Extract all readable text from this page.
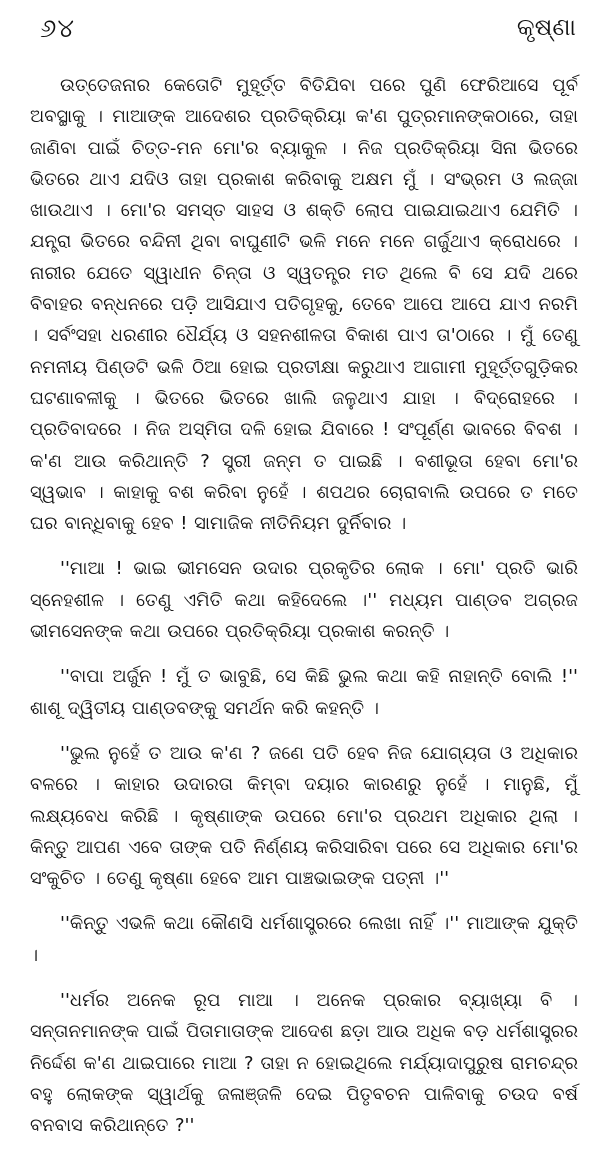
୬୪	କୃଷ୍ଣା

ଉତ୍ତେଜନାର କେତୋଟି ମୁହୂର୍ତ୍ତ ବିତିଯିବା ପରେ ପୁଣି ଫେରିଆସେ ପୂର୍ବ ଅବସ୍ଥାକୁ । ମାଆଙ୍କ ଆଦେଶର ପ୍ରତିକ୍ରିୟା କ'ଣ ପୁତ୍ରମାନଙ୍କଠାରେ, ତାହା ଜାଣିବା ପାଇଁ ଚିତ୍ତ-ମନ ମୋ'ର ବ୍ୟାକୁଳ । ନିଜ ପ୍ରତିକ୍ରିୟା ସିନା ଭିତରେ ଭିତରେ ଥାଏ ଯଦିଓ ତାହା ପ୍ରକାଶ କରିବାକୁ ଅକ୍ଷମ ମୁଁ । ସଂଭ୍ରମ ଓ ଲଜ୍ଜା ଖାଉଥାଏ । ମୋ'ର ସମସ୍ତ ସାହସ ଓ ଶକ୍ତି ଲୋପ ପାଇଯାଇଥାଏ ଯେମିତି । ଯନ୍ତ୍ରା ଭିତରେ ବନ୍ଦିନୀ ଥିବା ବାଘୁଣୀଟି ଭଳି ମନେ ମନେ ଗର୍ଜୁଥାଏ କ୍ରୋଧରେ । ନାରୀର ଯେତେ ସ୍ୱାଧୀନ ଚିନ୍ତା ଓ ସ୍ୱତନ୍ତ୍ର ମତ ଥିଲେ ବି ସେ ଯଦି ଥରେ ବିବାହର ବନ୍ଧନରେ ପଡ଼ି ଆସିଯାଏ ପତିଗୃହକୁ, ତେବେ ଆପେ ଆପେ ଯାଏ ନରମି । ସର୍ବଂସହା ଧରଣୀର ଧୈର୍ଯ୍ୟ ଓ ସହନଶୀଳତା ବିକାଶ ପାଏ ତା'ଠାରେ । ମୁଁ ତେଣୁ ନମନୀୟ ପିଣ୍ଡଟି ଭଳି ଠିଆ ହୋଇ ପ୍ରତୀକ୍ଷା କରୁଥାଏ ଆଗାମୀ ମୁହୂର୍ତ୍ତଗୁଡ଼ିକର ଘଟଣାବଳୀକୁ । ଭିତରେ ଭିତରେ ଖାଲି ଜଳୁଥାଏ ଯାହା । ବିଦ୍ରୋହରେ । ପ୍ରତିବାଦରେ । ନିଜ ଅସ୍ମିତା ଦଳି ହୋଇ ଯିବାରେ ! ସଂପୂର୍ଣ୍ଣ ଭାବରେ ବିବଶ । କ'ଣ ଆଉ କରିଥାନ୍ତି ? ସ୍ତ୍ରୀ ଜନ୍ମ ତ ପାଇଛି । ବଶୀଭୂତା ହେବା ମୋ'ର ସ୍ୱଭାବ । କାହାକୁ ବଶ କରିବା ନୁହେଁ । ଶପଥର ଚୋରାବାଲି ଉପରେ ତ ମତେ ଘର ବାନ୍ଧିବାକୁ ହେବ ! ସାମାଜିକ ନୀତିନିୟମ ଦୁର୍ନିବାର ।

''ମାଆ ! ଭାଇ ଭୀମସେନ ଉଦାର ପ୍ରକୃତିର ଲୋକ । ମୋ' ପ୍ରତି ଭାରି ସ୍ନେହଶୀଳ । ତେଣୁ ଏମିତି କଥା କହିଦେଲେ ।'' ମଧ୍ୟମ ପାଣ୍ଡବ ଅଗ୍ରଜ ଭୀମସେନଙ୍କ କଥା ଉପରେ ପ୍ରତିକ୍ରିୟା ପ୍ରକାଶ କରନ୍ତି ।

''ବାପା ଅର୍ଜୁନ ! ମୁଁ ତ ଭାବୁଛି, ସେ କିଛି ଭୁଲ କଥା କହି ନାହାନ୍ତି ବୋଲି !'' ଶାଶୂ ଦ୍ୱିତୀୟ ପାଣ୍ଡବଙ୍କୁ ସମର୍ଥନ କରି କହନ୍ତି ।

''ଭୁଲ ନୁହେଁ ତ ଆଉ କ'ଣ ? ଜଣେ ପତି ହେବ ନିଜ ଯୋଗ୍ୟତା ଓ ଅଧିକାର ବଳରେ । କାହାର ଉଦାରତା କିମ୍ବା ଦୟାର କାରଣରୁ ନୁହେଁ । ମାନୁଛି, ମୁଁ ଲକ୍ଷ୍ୟବେଧ କରିଛି । କୃଷ୍ଣାଙ୍କ ଉପରେ ମୋ'ର ପ୍ରଥମ ଅଧିକାର ଥିଲା । କିନ୍ତୁ ଆପଣ ଏବେ ତାଙ୍କ ପତି ନିର୍ଣ୍ଣୟ କରିସାରିବା ପରେ ସେ ଅଧିକାର ମୋ'ର ସଂକୁଚିତ । ତେଣୁ କୃଷ୍ଣା ହେବେ ଆମ ପାଞ୍ଚଭାଇଙ୍କ ପତ୍ନୀ ।''

''କିନ୍ତୁ ଏଭଳି କଥା କୌଣସି ଧର୍ମଶାସ୍ତ୍ରରେ ଲେଖା ନାହିଁ ।'' ମାଆଙ୍କ ଯୁକ୍ତି ।

''ଧର୍ମର ଅନେକ ରୂପ ମାଆ । ଅନେକ ପ୍ରକାର ବ୍ୟାଖ୍ୟା ବି । ସନ୍ତାନମାନଙ୍କ ପାଇଁ ପିତାମାତାଙ୍କ ଆଦେଶ ଛଡ଼ା ଆଉ ଅଧିକ ବଡ଼ ଧର୍ମଶାସ୍ତ୍ରର ନିର୍ଦ୍ଦେଶ କ'ଣ ଥାଇପାରେ ମାଆ ? ତାହା ନ ହୋଇଥିଲେ ମର୍ଯ୍ୟାଦାପୁରୁଷ ରାମଚନ୍ଦ୍ର ବହୁ ଲୋକଙ୍କ ସ୍ୱାର୍ଥକୁ ଜଳାଞ୍ଜଳି ଦେଇ ପିତୃବଚନ ପାଳିବାକୁ ଚଉଦ ବର୍ଷ ବନବାସ କରିଥାନ୍ତେ ?''
